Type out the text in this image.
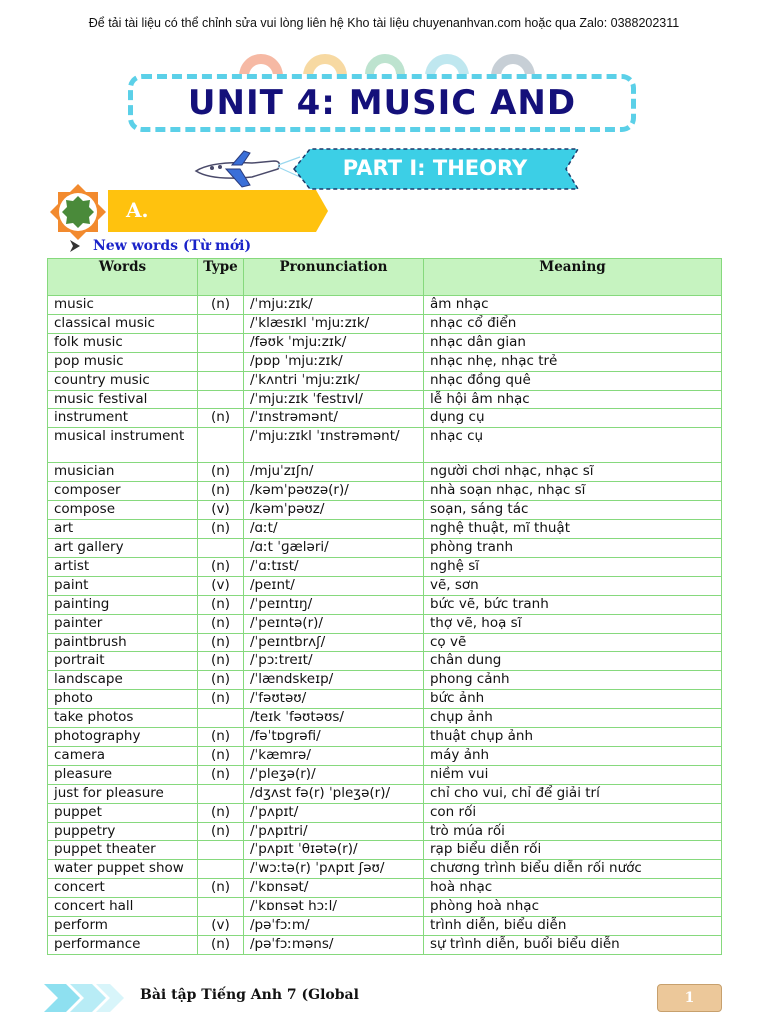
Để tải tài liệu có thể chỉnh sửa vui lòng liên hệ Kho tài liệu chuyenanhvan.com hoặc qua Zalo: 0388202311
UNIT 4: MUSIC AND
PART I: THEORY
A.
New words (Từ mới)
Words	Type	Pronunciation	Meaning
music	(n)	/ˈmjuːzɪk/	âm nhạc
classical music		/ˈklæsɪkl ˈmjuːzɪk/	nhạc cổ điển
folk music		/fəʊk ˈmjuːzɪk/	nhạc dân gian
pop music		/pɒp ˈmjuːzɪk/	nhạc nhẹ, nhạc trẻ
country music		/ˈkʌntri ˈmjuːzɪk/	nhạc đồng quê
music festival		/ˈmjuːzɪk ˈfestɪvl/	lễ hội âm nhạc
instrument	(n)	/ˈɪnstrəmənt/	dụng cụ
musical instrument		/ˈmjuːzɪkl ˈɪnstrəmənt/	nhạc cụ
musician	(n)	/mjuˈzɪʃn/	người chơi nhạc, nhạc sĩ
composer	(n)	/kəmˈpəʊzə(r)/	nhà soạn nhạc, nhạc sĩ
compose	(v)	/kəmˈpəʊz/	soạn, sáng tác
art	(n)	/ɑːt/	nghệ thuật, mĩ thuật
art gallery		/ɑːt ˈɡæləri/	phòng tranh
artist	(n)	/ˈɑːtɪst/	nghệ sĩ
paint	(v)	/peɪnt/	vẽ, sơn
painting	(n)	/ˈpeɪntɪŋ/	bức vẽ, bức tranh
painter	(n)	/ˈpeɪntə(r)/	thợ vẽ, hoạ sĩ
paintbrush	(n)	/ˈpeɪntbrʌʃ/	cọ vẽ
portrait	(n)	/ˈpɔːtreɪt/	chân dung
landscape	(n)	/ˈlændskeɪp/	phong cảnh
photo	(n)	/ˈfəʊtəʊ/	bức ảnh
take photos		/teɪk ˈfəʊtəʊs/	chụp ảnh
photography	(n)	/fəˈtɒɡrəfi/	thuật chụp ảnh
camera	(n)	/ˈkæmrə/	máy ảnh
pleasure	(n)	/ˈpleʒə(r)/	niềm vui
just for pleasure		/dʒʌst fə(r) ˈpleʒə(r)/	chỉ cho vui, chỉ để giải trí
puppet	(n)	/ˈpʌpɪt/	con rối
puppetry	(n)	/ˈpʌpɪtri/	trò múa rối
puppet theater		/ˈpʌpɪt ˈθɪətə(r)/	rạp biểu diễn rối
water puppet show		/ˈwɔːtə(r) ˈpʌpɪt ʃəʊ/	chương trình biểu diễn rối nước
concert	(n)	/ˈkɒnsət/	hoà nhạc
concert hall		/ˈkɒnsət hɔːl/	phòng hoà nhạc
perform	(v)	/pəˈfɔːm/	trình diễn, biểu diễn
performance	(n)	/pəˈfɔːməns/	sự trình diễn, buổi biểu diễn
Bài tập Tiếng Anh 7 (Global	1
